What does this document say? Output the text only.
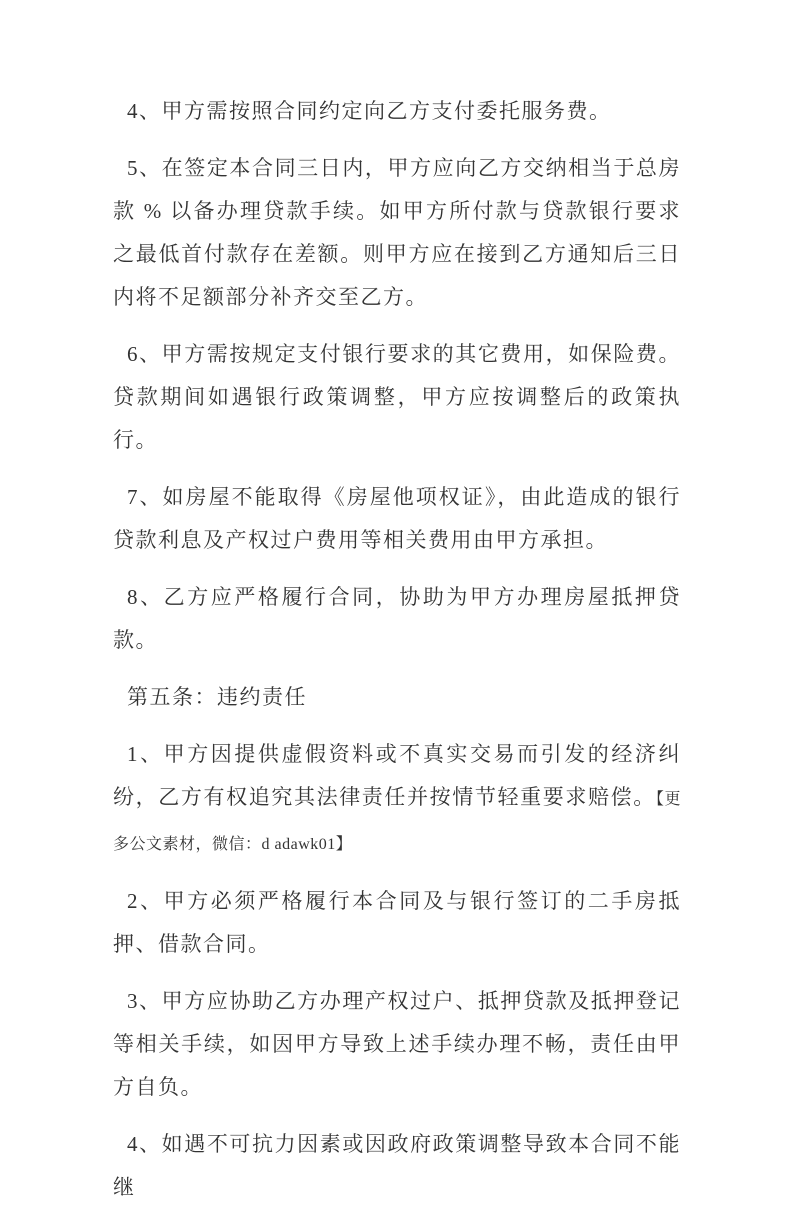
4、甲方需按照合同约定向乙方支付委托服务费。

5、在签定本合同三日内，甲方应向乙方交纳相当于总房款 % 以备办理贷款手续。如甲方所付款与贷款银行要求之最低首付款存在差额。则甲方应在接到乙方通知后三日内将不足额部分补齐交至乙方。

6、甲方需按规定支付银行要求的其它费用，如保险费。贷款期间如遇银行政策调整，甲方应按调整后的政策执行。

7、如房屋不能取得《房屋他项权证》，由此造成的银行贷款利息及产权过户费用等相关费用由甲方承担。

8、乙方应严格履行合同，协助为甲方办理房屋抵押贷款。

第五条：违约责任

1、甲方因提供虚假资料或不真实交易而引发的经济纠纷，乙方有权追究其法律责任并按情节轻重要求赔偿。【更多公文素材，微信：d adawk01】

2、甲方必须严格履行本合同及与银行签订的二手房抵押、借款合同。

3、甲方应协助乙方办理产权过户、抵押贷款及抵押登记等相关手续，如因甲方导致上述手续办理不畅，责任由甲方自负。

4、如遇不可抗力因素或因政府政策调整导致本合同不能继
